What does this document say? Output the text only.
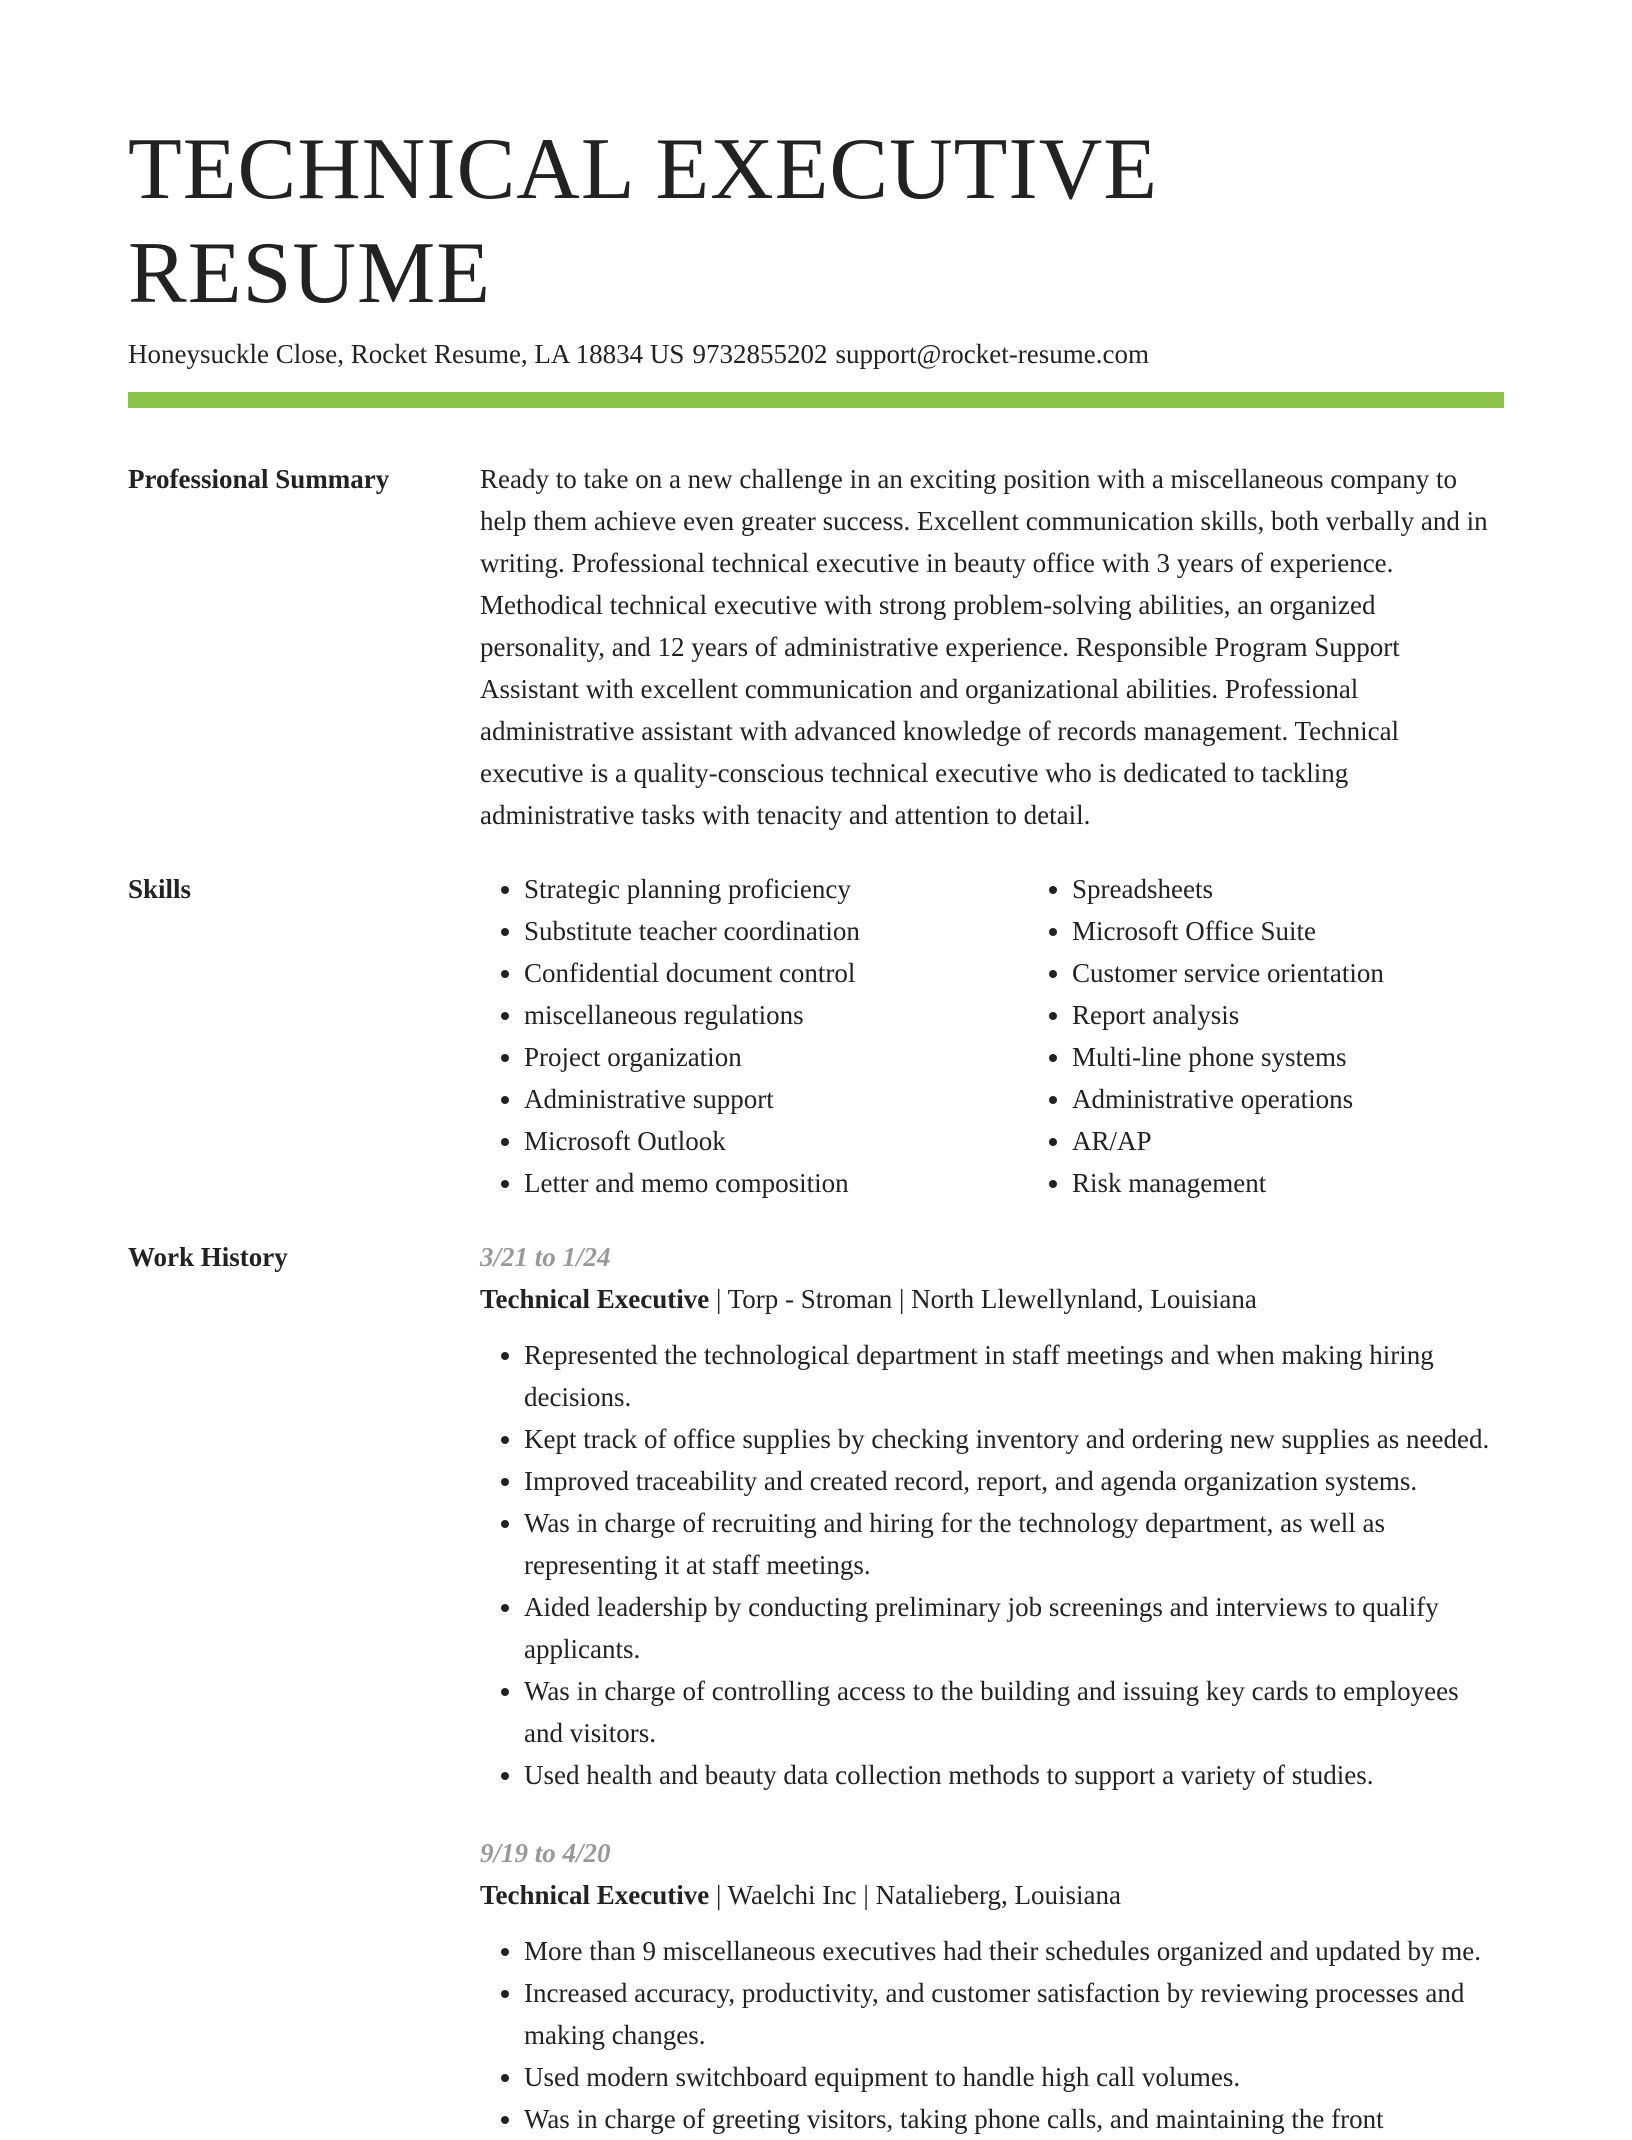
TECHNICAL EXECUTIVE RESUME
Honeysuckle Close, Rocket Resume, LA 18834 US 9732855202 support@rocket-resume.com
Professional Summary	Ready to take on a new challenge in an exciting position with a miscellaneous company to help them achieve even greater success. Excellent communication skills, both verbally and in writing. Professional technical executive in beauty office with 3 years of experience. Methodical technical executive with strong problem-solving abilities, an organized personality, and 12 years of administrative experience. Responsible Program Support Assistant with excellent communication and organizational abilities. Professional administrative assistant with advanced knowledge of records management. Technical executive is a quality-conscious technical executive who is dedicated to tackling administrative tasks with tenacity and attention to detail.

Skills
•	Strategic planning proficiency
• Substitute teacher coordination
• Confidential document control
• miscellaneous regulations
• Project organization
• Administrative support
• Microsoft Outlook
• Letter and memo composition
• Spreadsheets
• Microsoft Office Suite
• Customer service orientation
• Report analysis
• Multi-line phone systems
• Administrative operations
• AR/AP
• Risk management
Work History	3/21 to 1/24
Technical Executive | Torp - Stroman | North Llewellynland, Louisiana
• Represented the technological department in staff meetings and when making hiring decisions.
• Kept track of office supplies by checking inventory and ordering new supplies as needed.
• Improved traceability and created record, report, and agenda organization systems.
• Was in charge of recruiting and hiring for the technology department, as well as representing it at staff meetings.
• Aided leadership by conducting preliminary job screenings and interviews to qualify applicants.
• Was in charge of controlling access to the building and issuing key cards to employees and visitors.
• Used health and beauty data collection methods to support a variety of studies.
9/19 to 4/20
Technical Executive | Waelchi Inc | Natalieberg, Louisiana
• More than 9 miscellaneous executives had their schedules organized and updated by me.
• Increased accuracy, productivity, and customer satisfaction by reviewing processes and making changes.
• Used modern switchboard equipment to handle high call volumes.
• Was in charge of greeting visitors, taking phone calls, and maintaining the front
